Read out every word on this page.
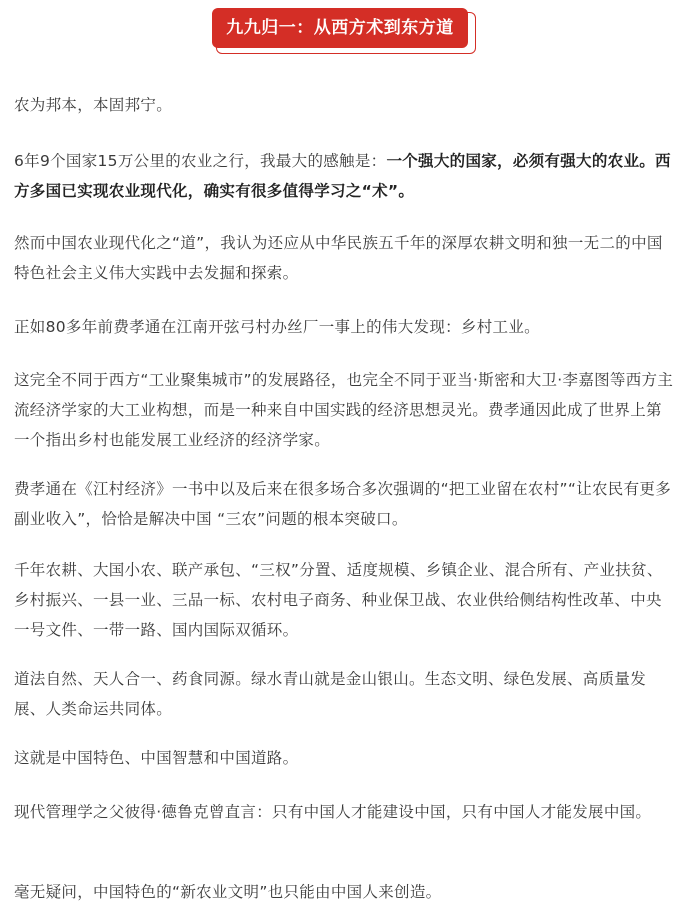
九九归一：从西方术到东方道

农为邦本，本固邦宁。

6年9个国家15万公里的农业之行，我最大的感触是：一个强大的国家，必须有强大的农业。西方多国已实现农业现代化，确实有很多值得学习之“术”。

然而中国农业现代化之“道”，我认为还应从中华民族五千年的深厚农耕文明和独一无二的中国特色社会主义伟大实践中去发掘和探索。

正如80多年前费孝通在江南开弦弓村办丝厂一事上的伟大发现：乡村工业。

这完全不同于西方“工业聚集城市”的发展路径，也完全不同于亚当·斯密和大卫·李嘉图等西方主流经济学家的大工业构想，而是一种来自中国实践的经济思想灵光。费孝通因此成了世界上第一个指出乡村也能发展工业经济的经济学家。

费孝通在《江村经济》一书中以及后来在很多场合多次强调的“把工业留在农村”“让农民有更多副业收入”，恰恰是解决中国 “三农”问题的根本突破口。

千年农耕、大国小农、联产承包、“三权”分置、适度规模、乡镇企业、混合所有、产业扶贫、乡村振兴、一县一业、三品一标、农村电子商务、种业保卫战、农业供给侧结构性改革、中央一号文件、一带一路、国内国际双循环。

道法自然、天人合一、药食同源。绿水青山就是金山银山。生态文明、绿色发展、高质量发展、人类命运共同体。

这就是中国特色、中国智慧和中国道路。

现代管理学之父彼得·德鲁克曾直言：只有中国人才能建设中国，只有中国人才能发展中国。

毫无疑问，中国特色的“新农业文明”也只能由中国人来创造。
